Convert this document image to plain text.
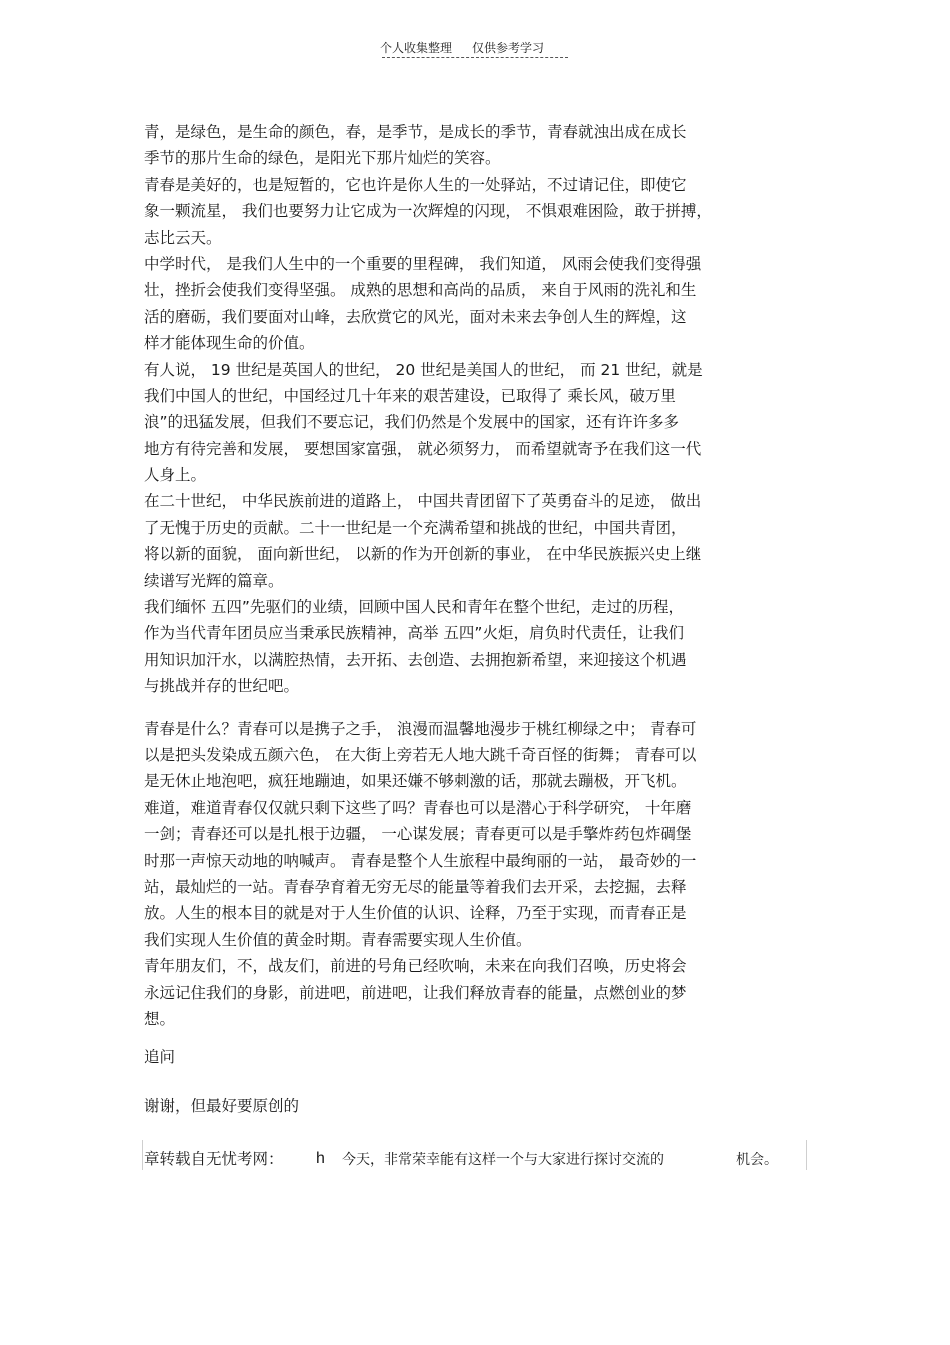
个人收集整理 仅供参考学习
青，是绿色，是生命的颜色，春，是季节，是成长的季节，青春就浊出成在成长
季节的那片生命的绿色，是阳光下那片灿烂的笑容。
青春是美好的，也是短暂的，它也许是你人生的一处驿站，不过请记住，即使它
象一颗流星， 我们也要努力让它成为一次辉煌的闪现， 不惧艰难困险，敢于拼搏，
志比云天。
中学时代， 是我们人生中的一个重要的里程碑， 我们知道， 风雨会使我们变得强
壮，挫折会使我们变得坚强。 成熟的思想和高尚的品质， 来自于风雨的洗礼和生
活的磨砺，我们要面对山峰，去欣赏它的风光，面对未来去争创人生的辉煌，这
样才能体现生命的价值。
有人说， 19 世纪是英国人的世纪， 20 世纪是美国人的世纪， 而 21 世纪，就是
我们中国人的世纪，中国经过几十年来的艰苦建设，已取得了 乘长风，破万里
浪”的迅猛发展，但我们不要忘记，我们仍然是个发展中的国家，还有许许多多
地方有待完善和发展， 要想国家富强， 就必须努力， 而希望就寄予在我们这一代
人身上。
在二十世纪， 中华民族前进的道路上， 中国共青团留下了英勇奋斗的足迹， 做出
了无愧于历史的贡献。二十一世纪是一个充满希望和挑战的世纪，中国共青团，
将以新的面貌， 面向新世纪， 以新的作为开创新的事业， 在中华民族振兴史上继
续谱写光辉的篇章。
我们缅怀 五四”先驱们的业绩，回顾中国人民和青年在整个世纪，走过的历程，
作为当代青年团员应当秉承民族精神，高举 五四”火炬，肩负时代责任，让我们
用知识加汗水，以满腔热情，去开拓、去创造、去拥抱新希望，来迎接这个机遇
与挑战并存的世纪吧。
青春是什么？青春可以是携子之手， 浪漫而温馨地漫步于桃红柳绿之中； 青春可
以是把头发染成五颜六色， 在大街上旁若无人地大跳千奇百怪的街舞； 青春可以
是无休止地泡吧，疯狂地蹦迪，如果还嫌不够刺激的话，那就去蹦极，开飞机。
难道，难道青春仅仅就只剩下这些了吗？青春也可以是潜心于科学研究， 十年磨
一剑；青春还可以是扎根于边疆， 一心谋发展；青春更可以是手擎炸药包炸碉堡
时那一声惊天动地的呐喊声。 青春是整个人生旅程中最绚丽的一站， 最奇妙的一
站，最灿烂的一站。青春孕育着无穷无尽的能量等着我们去开采，去挖掘，去释
放。人生的根本目的就是对于人生价值的认识、诠释，乃至于实现，而青春正是
我们实现人生价值的黄金时期。青春需要实现人生价值。
青年朋友们，不，战友们，前进的号角已经吹响，未来在向我们召唤，历史将会
永远记住我们的身影，前进吧，前进吧，让我们释放青春的能量，点燃创业的梦
想。
追问
谢谢，但最好要原创的
章转载自无忧考网： h 今天，非常荣幸能有这样一个与大家进行探讨交流的	机会。
